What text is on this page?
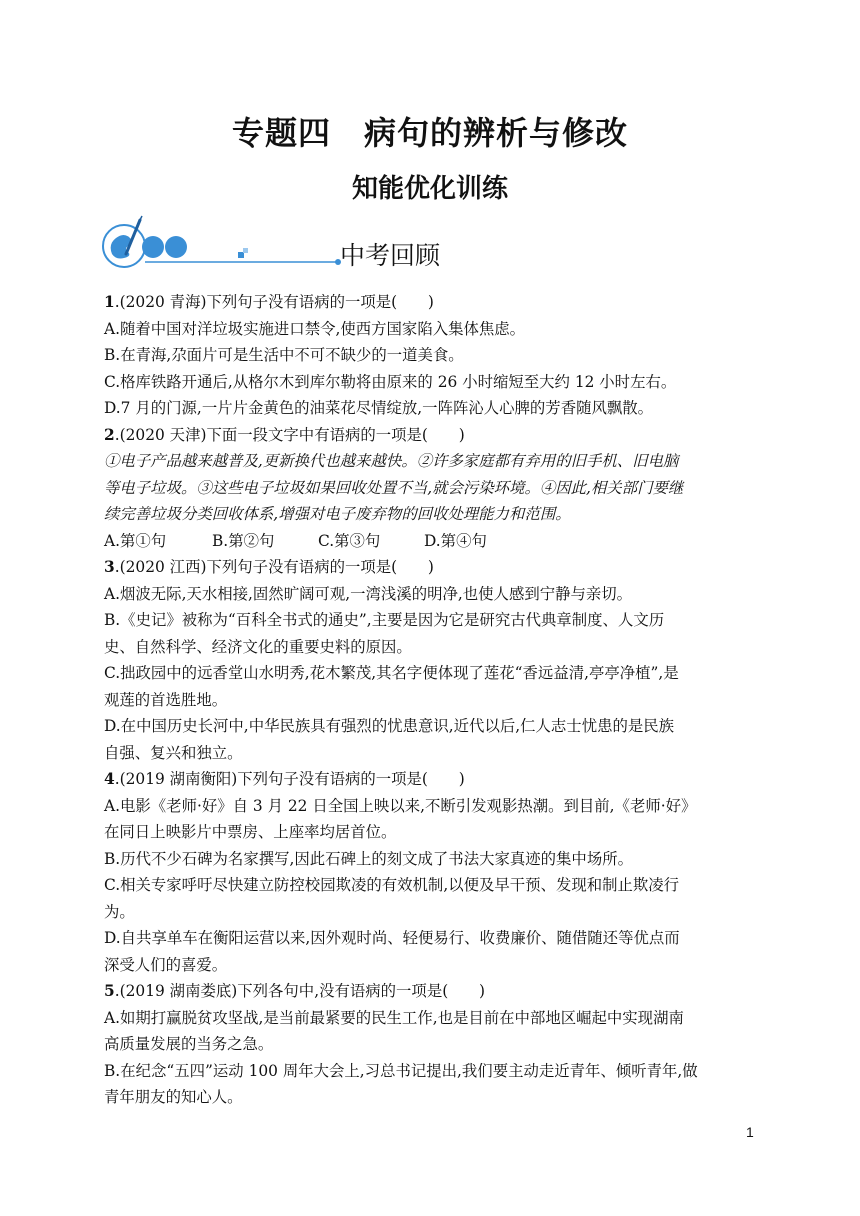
专题四　病句的辨析与修改
知能优化训练
中考回顾
1.(2020 青海)下列句子没有语病的一项是(　　)
A.随着中国对洋垃圾实施进口禁令,使西方国家陷入集体焦虑。
B.在青海,尕面片可是生活中不可不缺少的一道美食。
C.格库铁路开通后,从格尔木到库尔勒将由原来的 26 小时缩短至大约 12 小时左右。
D.7 月的门源,一片片金黄色的油菜花尽情绽放,一阵阵沁人心脾的芳香随风飘散。
2.(2020 天津)下面一段文字中有语病的一项是(　　)
①电子产品越来越普及,更新换代也越来越快。②许多家庭都有弃用的旧手机、旧电脑
等电子垃圾。③这些电子垃圾如果回收处置不当,就会污染环境。④因此,相关部门要继
续完善垃圾分类回收体系,增强对电子废弃物的回收处理能力和范围。
A.第①句	B.第②句	C.第③句	D.第④句
3.(2020 江西)下列句子没有语病的一项是(　　)
A.烟波无际,天水相接,固然旷阔可观,一湾浅溪的明净,也使人感到宁静与亲切。
B.《史记》被称为“百科全书式的通史”,主要是因为它是研究古代典章制度、人文历
史、自然科学、经济文化的重要史料的原因。
C.拙政园中的远香堂山水明秀,花木繁茂,其名字便体现了莲花“香远益清,亭亭净植”,是
观莲的首选胜地。
D.在中国历史长河中,中华民族具有强烈的忧患意识,近代以后,仁人志士忧患的是民族
自强、复兴和独立。
4.(2019 湖南衡阳)下列句子没有语病的一项是(　　)
A.电影《老师·好》自 3 月 22 日全国上映以来,不断引发观影热潮。到目前,《老师·好》
在同日上映影片中票房、上座率均居首位。
B.历代不少石碑为名家撰写,因此石碑上的刻文成了书法大家真迹的集中场所。
C.相关专家呼吁尽快建立防控校园欺凌的有效机制,以便及早干预、发现和制止欺凌行
为。
D.自共享单车在衡阳运营以来,因外观时尚、轻便易行、收费廉价、随借随还等优点而
深受人们的喜爱。
5.(2019 湖南娄底)下列各句中,没有语病的一项是(　　)
A.如期打赢脱贫攻坚战,是当前最紧要的民生工作,也是目前在中部地区崛起中实现湖南
高质量发展的当务之急。
B.在纪念“五四”运动 100 周年大会上,习总书记提出,我们要主动走近青年、倾听青年,做
青年朋友的知心人。
1
